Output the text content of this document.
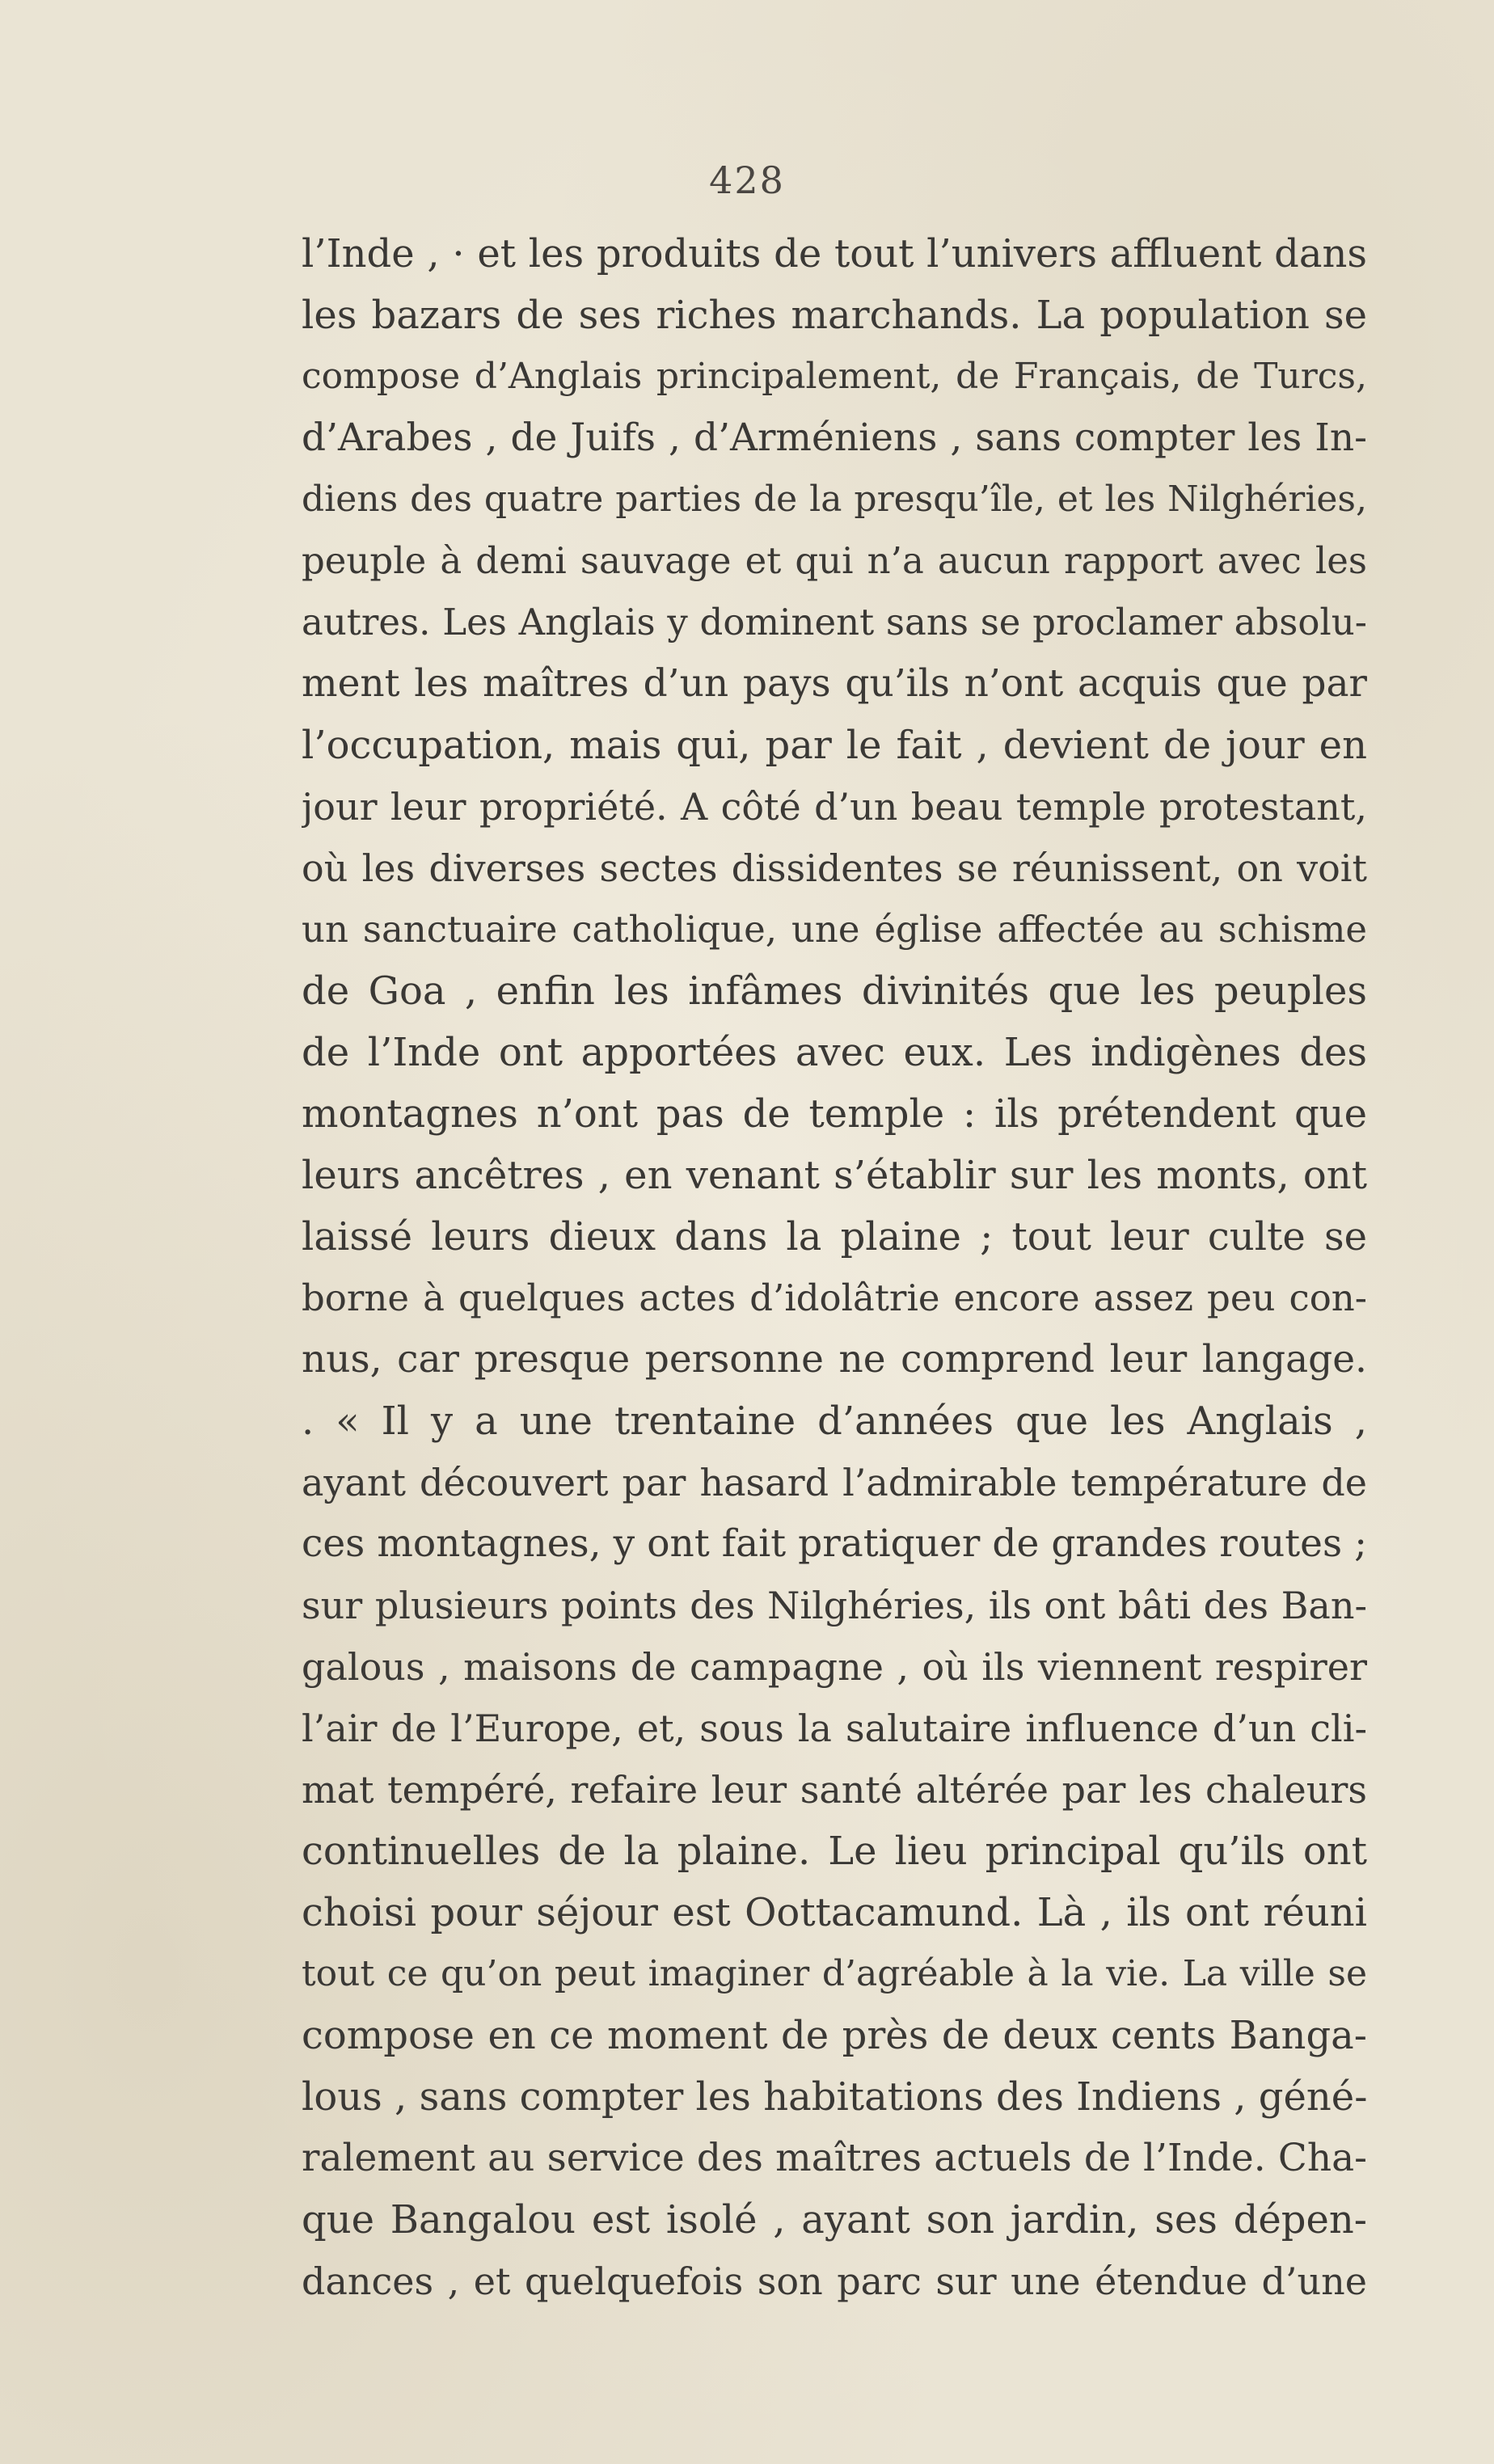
428
l’Inde , · et les produits de tout l’univers affluent dans
les bazars de ses riches marchands. La population se
compose d’Anglais principalement, de Français, de Turcs,
d’Arabes , de Juifs , d’Arméniens , sans compter les In-
diens des quatre parties de la presqu’île, et les Nilghéries,
peuple à demi sauvage et qui n’a aucun rapport avec les
autres. Les Anglais y dominent sans se proclamer absolu-
ment les maîtres d’un pays qu’ils n’ont acquis que par
l’occupation, mais qui, par le fait , devient de jour en
jour leur propriété. A côté d’un beau temple protestant,
où les diverses sectes dissidentes se réunissent, on voit
un sanctuaire catholique, une église affectée au schisme
de Goa , enfin les infâmes divinités que les peuples
de l’Inde ont apportées avec eux. Les indigènes des
montagnes n’ont pas de temple : ils prétendent que
leurs ancêtres , en venant s’établir sur les monts, ont
laissé leurs dieux dans la plaine ; tout leur culte se
borne à quelques actes d’idolâtrie encore assez peu con-
nus, car presque personne ne comprend leur langage.
. « Il y a une trentaine d’années que les Anglais ,
ayant découvert par hasard l’admirable température de
ces montagnes, y ont fait pratiquer de grandes routes ;
sur plusieurs points des Nilghéries, ils ont bâti des Ban-
galous , maisons de campagne , où ils viennent respirer
l’air de l’Europe, et, sous la salutaire influence d’un cli-
mat tempéré, refaire leur santé altérée par les chaleurs
continuelles de la plaine. Le lieu principal qu’ils ont
choisi pour séjour est Oottacamund. Là , ils ont réuni
tout ce qu’on peut imaginer d’agréable à la vie. La ville se
compose en ce moment de près de deux cents Banga-
lous , sans compter les habitations des Indiens , géné-
ralement au service des maîtres actuels de l’Inde. Cha-
que Bangalou est isolé , ayant son jardin, ses dépen-
dances , et quelquefois son parc sur une étendue d’une
